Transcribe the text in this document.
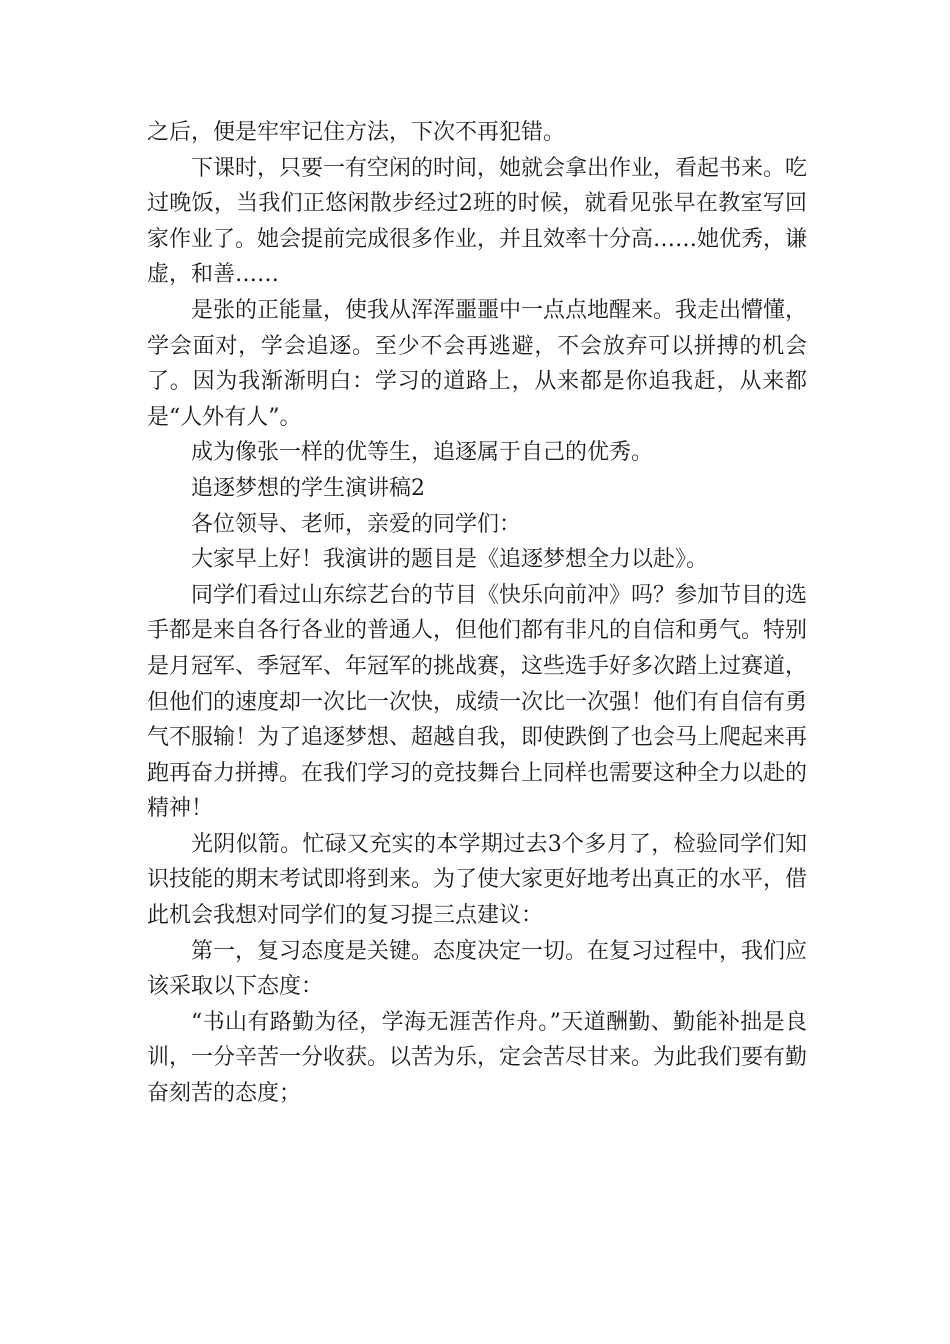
之后，便是牢牢记住方法，下次不再犯错。

下课时，只要一有空闲的时间，她就会拿出作业，看起书来。吃过晚饭，当我们正悠闲散步经过2班的时候，就看见张早在教室写回家作业了。她会提前完成很多作业，并且效率十分高……她优秀，谦虚，和善……

是张的正能量，使我从浑浑噩噩中一点点地醒来。我走出懵懂，学会面对，学会追逐。至少不会再逃避，不会放弃可以拼搏的机会了。因为我渐渐明白：学习的道路上，从来都是你追我赶，从来都是“人外有人”。

成为像张一样的优等生，追逐属于自己的优秀。

追逐梦想的学生演讲稿2

各位领导、老师，亲爱的同学们：

大家早上好！我演讲的题目是《追逐梦想全力以赴》。

同学们看过山东综艺台的节目《快乐向前冲》吗？参加节目的选手都是来自各行各业的普通人，但他们都有非凡的自信和勇气。特别是月冠军、季冠军、年冠军的挑战赛，这些选手好多次踏上过赛道，但他们的速度却一次比一次快，成绩一次比一次强！他们有自信有勇气不服输！为了追逐梦想、超越自我，即使跌倒了也会马上爬起来再跑再奋力拼搏。在我们学习的竞技舞台上同样也需要这种全力以赴的精神！

光阴似箭。忙碌又充实的本学期过去3个多月了，检验同学们知识技能的期末考试即将到来。为了使大家更好地考出真正的水平，借此机会我想对同学们的复习提三点建议：

第一，复习态度是关键。态度决定一切。在复习过程中，我们应该采取以下态度：

“书山有路勤为径，学海无涯苦作舟。”天道酬勤、勤能补拙是良训，一分辛苦一分收获。以苦为乐，定会苦尽甘来。为此我们要有勤奋刻苦的态度；
